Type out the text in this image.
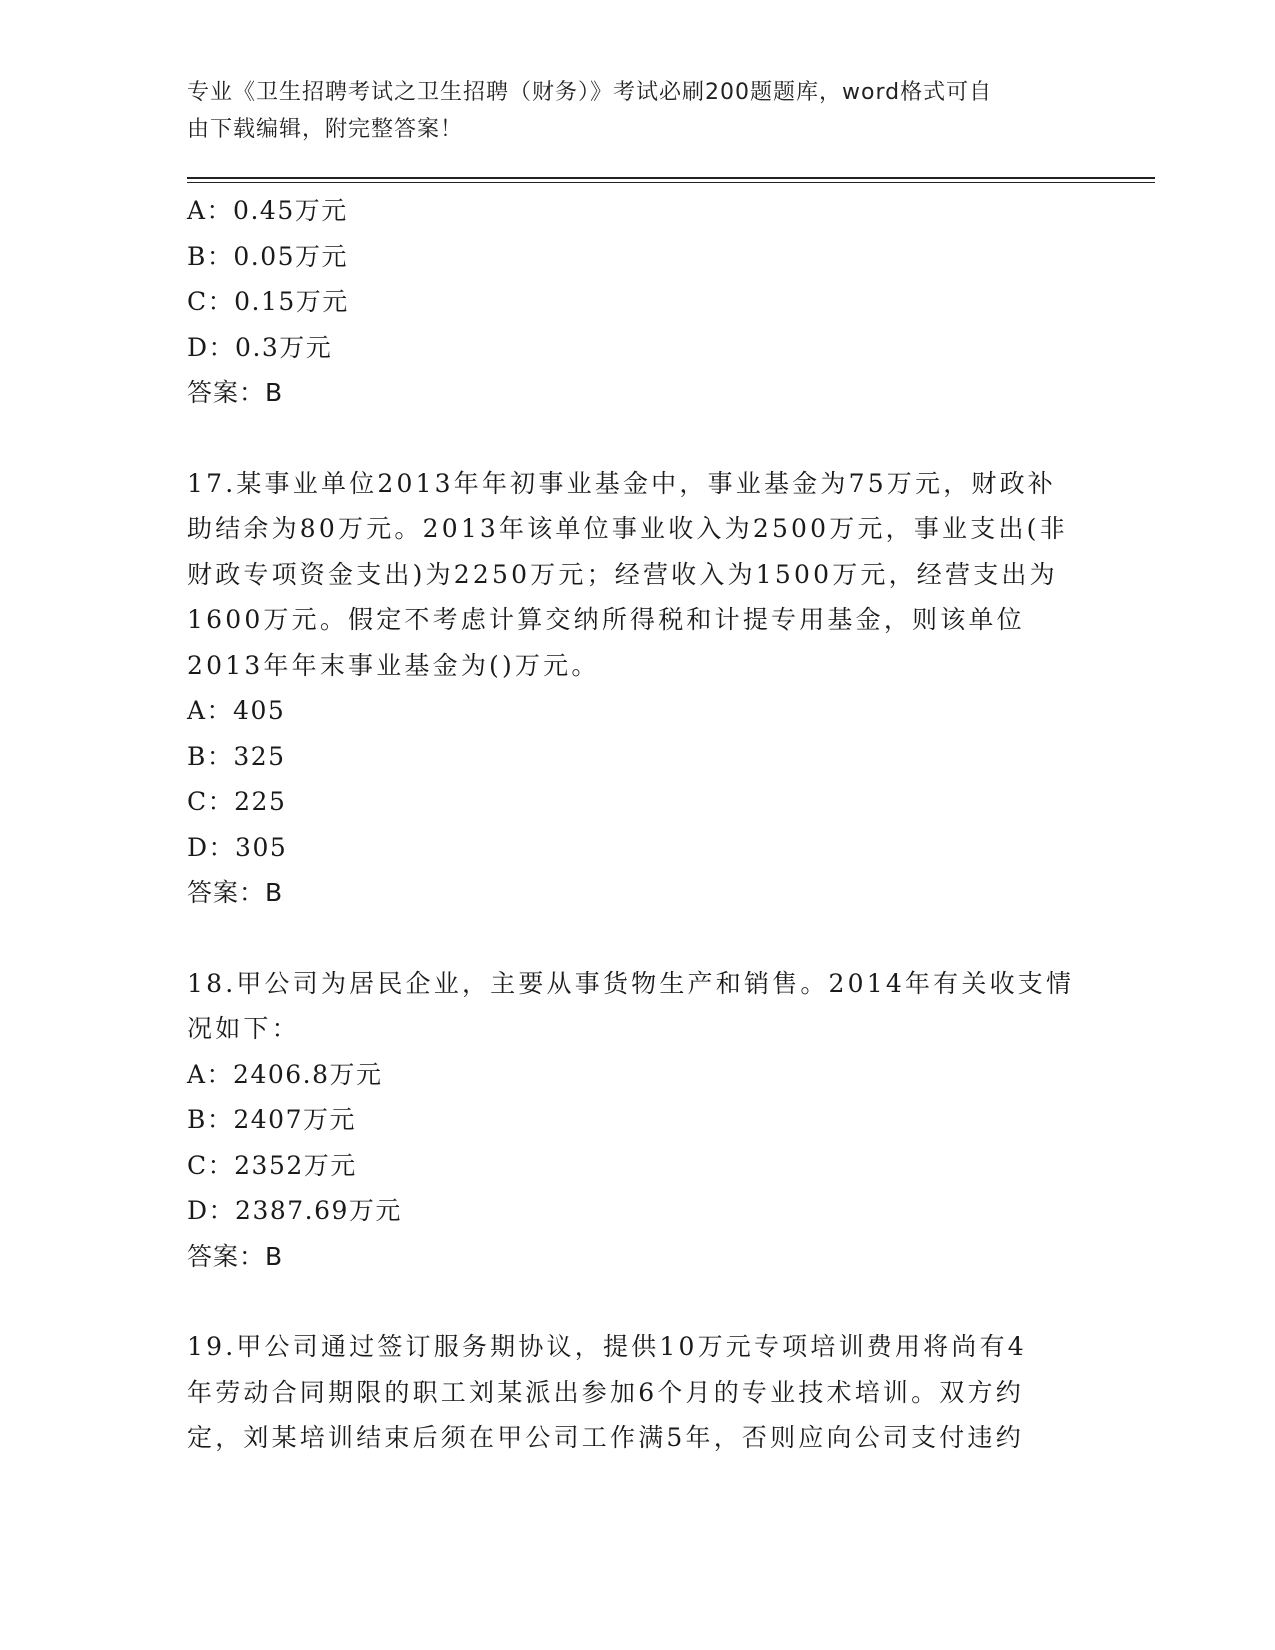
专业《卫生招聘考试之卫生招聘（财务）》考试必刷200题题库，word格式可自
由下载编辑，附完整答案！
A：0.45万元
B：0.05万元
C：0.15万元
D：0.3万元
答案：B
17.某事业单位2013年年初事业基金中，事业基金为75万元，财政补
助结余为80万元。2013年该单位事业收入为2500万元，事业支出(非
财政专项资金支出)为2250万元；经营收入为1500万元，经营支出为
1600万元。假定不考虑计算交纳所得税和计提专用基金，则该单位
2013年年末事业基金为()万元。
A：405
B：325
C：225
D：305
答案：B
18.甲公司为居民企业，主要从事货物生产和销售。2014年有关收支情
况如下：
A：2406.8万元
B：2407万元
C：2352万元
D：2387.69万元
答案：B
19.甲公司通过签订服务期协议，提供10万元专项培训费用将尚有4
年劳动合同期限的职工刘某派出参加6个月的专业技术培训。双方约
定，刘某培训结束后须在甲公司工作满5年，否则应向公司支付违约
